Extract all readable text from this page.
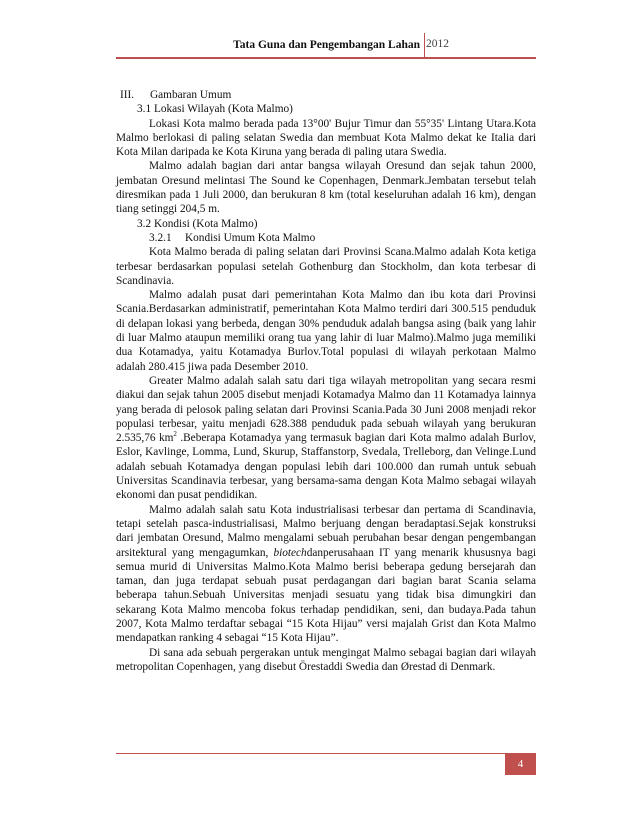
Tata Guna dan Pengembangan Lahan 2012

III. Gambaran Umum

3.1 Lokasi Wilayah (Kota Malmo)

Lokasi Kota malmo berada pada 13°00' Bujur Timur dan 55°35' Lintang Utara.Kota Malmo berlokasi di paling selatan Swedia dan membuat Kota Malmo dekat ke Italia dari Kota Milan daripada ke Kota Kiruna yang berada di paling utara Swedia.

Malmo adalah bagian dari antar bangsa wilayah Oresund dan sejak tahun 2000, jembatan Oresund melintasi The Sound ke Copenhagen, Denmark.Jembatan tersebut telah diresmikan pada 1 Juli 2000, dan berukuran 8 km (total keseluruhan adalah 16 km), dengan tiang setinggi 204,5 m.

3.2 Kondisi (Kota Malmo)

3.2.1 Kondisi Umum Kota Malmo

Kota Malmo berada di paling selatan dari Provinsi Scana.Malmo adalah Kota ketiga terbesar berdasarkan populasi setelah Gothenburg dan Stockholm, dan kota terbesar di Scandinavia.

Malmo adalah pusat dari pemerintahan Kota Malmo dan ibu kota dari Provinsi Scania.Berdasarkan administratif, pemerintahan Kota Malmo terdiri dari 300.515 penduduk di delapan lokasi yang berbeda, dengan 30% penduduk adalah bangsa asing (baik yang lahir di luar Malmo ataupun memiliki orang tua yang lahir di luar Malmo).Malmo juga memiliki dua Kotamadya, yaitu Kotamadya Burlov.Total populasi di wilayah perkotaan Malmo adalah 280.415 jiwa pada Desember 2010.

Greater Malmo adalah salah satu dari tiga wilayah metropolitan yang secara resmi diakui dan sejak tahun 2005 disebut menjadi Kotamadya Malmo dan 11 Kotamadya lainnya yang berada di pelosok paling selatan dari Provinsi Scania.Pada 30 Juni 2008 menjadi rekor populasi terbesar, yaitu menjadi 628.388 penduduk pada sebuah wilayah yang berukuran 2.535,76 $km^2$ .Beberapa Kotamadya yang termasuk bagian dari Kota malmo adalah Burlov, Eslor, Kavlinge, Lomma, Lund, Skurup, Staffanstorp, Svedala, Trelleborg, dan Velinge.Lund adalah sebuah Kotamadya dengan populasi lebih dari 100.000 dan rumah untuk sebuah Universitas Scandinavia terbesar, yang bersama-sama dengan Kota Malmo sebagai wilayah ekonomi dan pusat pendidikan.

Malmo adalah salah satu Kota industrialisasi terbesar dan pertama di Scandinavia, tetapi setelah pasca-industrialisasi, Malmo berjuang dengan beradaptasi.Sejak konstruksi dari jembatan Oresund, Malmo mengalami sebuah perubahan besar dengan pengembangan arsitektural yang mengagumkan, biotechdanperusahaan IT yang menarik khususnya bagi semua murid di Universitas Malmo.Kota Malmo berisi beberapa gedung bersejarah dan taman, dan juga terdapat sebuah pusat perdagangan dari bagian barat Scania selama beberapa tahun.Sebuah Universitas menjadi sesuatu yang tidak bisa dimungkiri dan sekarang Kota Malmo mencoba fokus terhadap pendidikan, seni, dan budaya.Pada tahun 2007, Kota Malmo terdaftar sebagai “15 Kota Hijau” versi majalah Grist dan Kota Malmo mendapatkan ranking 4 sebagai “15 Kota Hijau”.

Di sana ada sebuah pergerakan untuk mengingat Malmo sebagai bagian dari wilayah metropolitan Copenhagen, yang disebut Örestaddi Swedia dan Ørestad di Denmark.

4
